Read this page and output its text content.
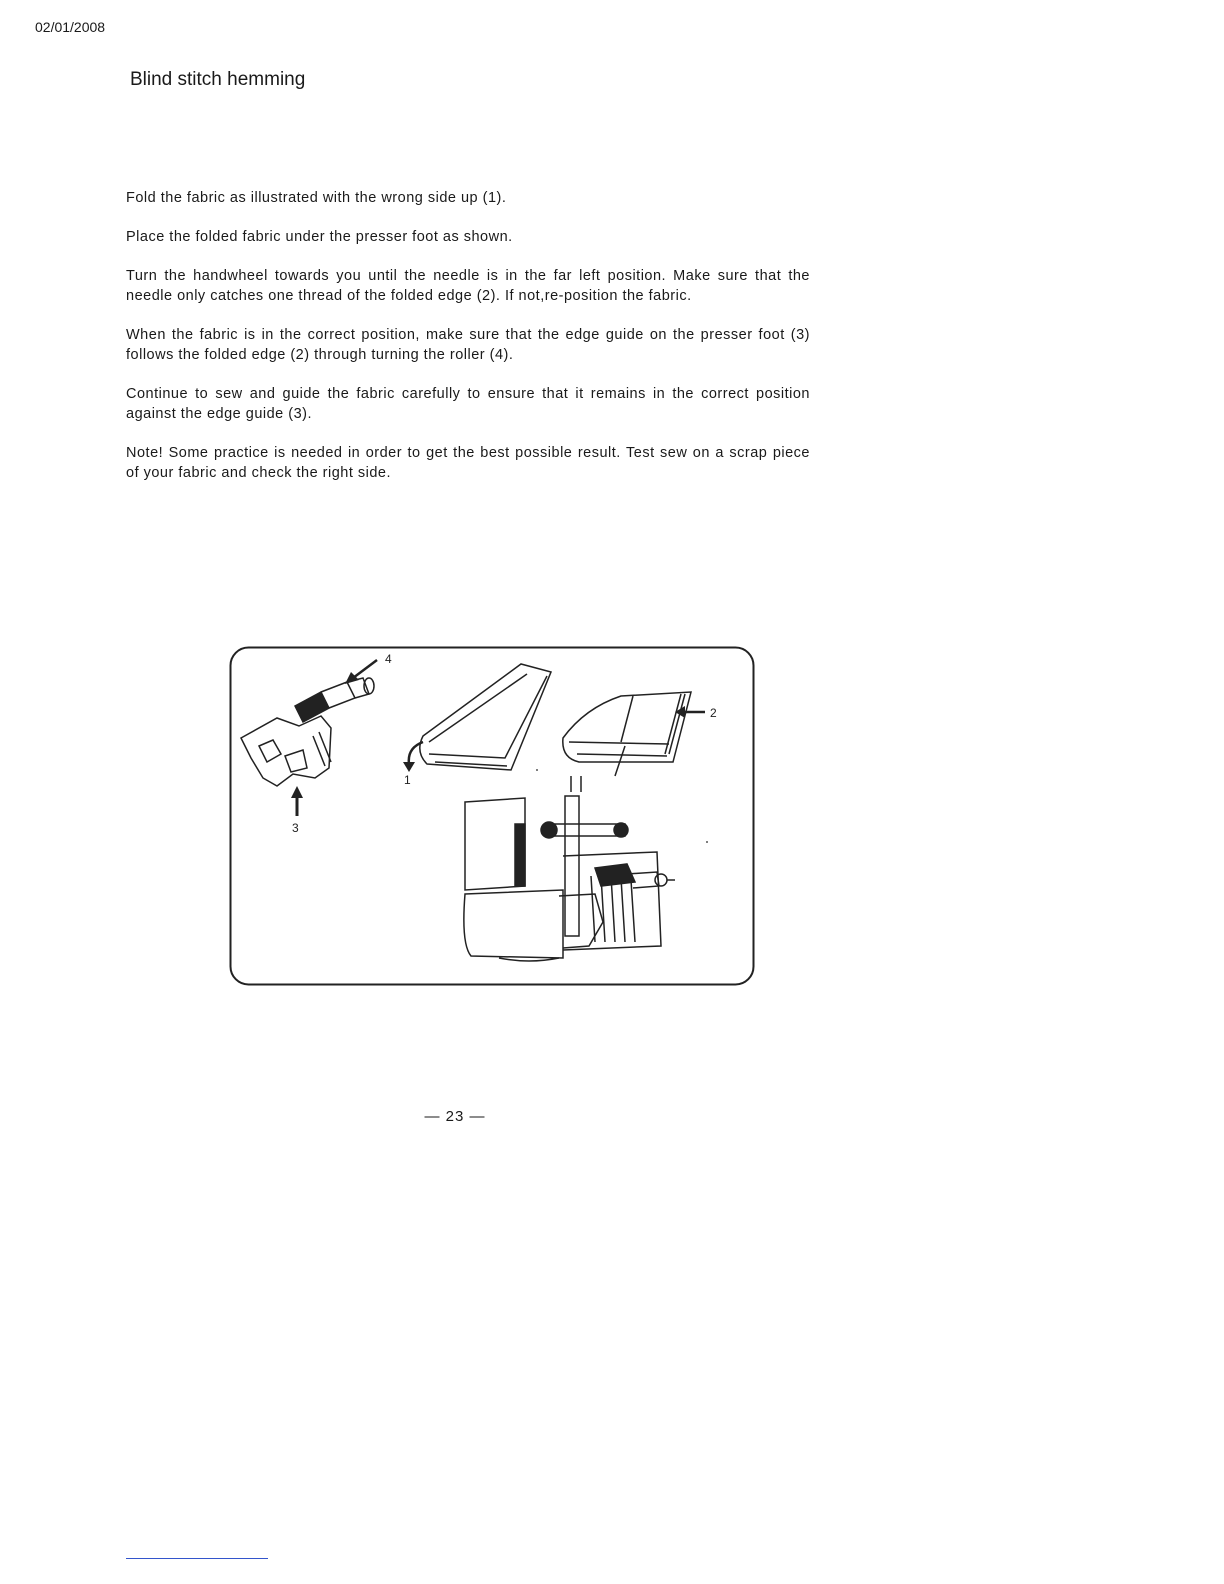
02/01/2008
Blind stitch hemming

Fold the fabric as illustrated with the wrong side up (1).

Place the folded fabric under the presser foot as shown.

Turn the handwheel towards you until the needle is in the far left position. Make sure that the needle only catches one thread of the folded edge (2). If not,re-position the fabric.

When the fabric is in the correct position, make sure that the edge guide on the presser foot (3) follows the folded edge (2) through turning the roller (4).

Continue to sew and guide the fabric carefully to ensure that it remains in the correct position against the edge guide (3).

Note! Some practice is needed in order to get the best possible result. Test sew on a scrap piece of your fabric and check the right side.

4
3
1
2
— 23 —
